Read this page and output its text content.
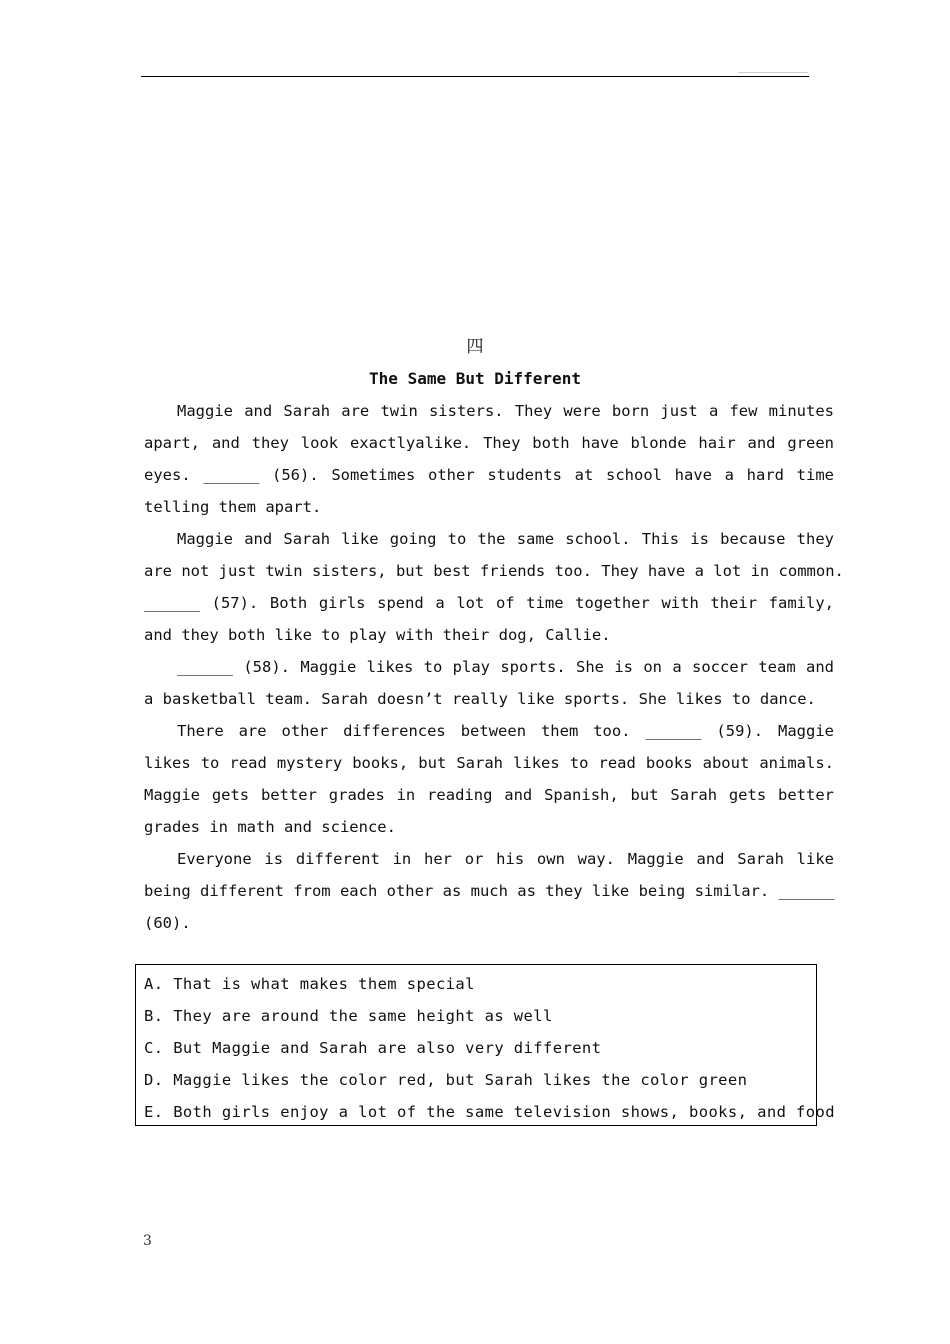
四
The Same But Different
Maggie and Sarah are twin sisters. They were born just a few minutes
apart, and they look exactlyalike. They both have blonde hair and green
eyes. ______ (56). Sometimes other students at school have a hard time
telling them apart.
Maggie and Sarah like going to the same school. This is because they
are not just twin sisters, but best friends too. They have a lot in common.
______ (57). Both girls spend a lot of time together with their family,
and they both like to play with their dog, Callie.
______ (58). Maggie likes to play sports. She is on a soccer team and
a basketball team. Sarah doesn’t really like sports. She likes to dance.
There are other differences between them too. ______ (59). Maggie
likes to read mystery books, but Sarah likes to read books about animals.
Maggie gets better grades in reading and Spanish, but Sarah gets better
grades in math and science.
Everyone is different in her or his own way. Maggie and Sarah like
being different from each other as much as they like being similar. ______
(60).
A. That is what makes them special
B. They are around the same height as well
C. But Maggie and Sarah are also very different
D. Maggie likes the color red, but Sarah likes the color green
E. Both girls enjoy a lot of the same television shows, books, and food
3
